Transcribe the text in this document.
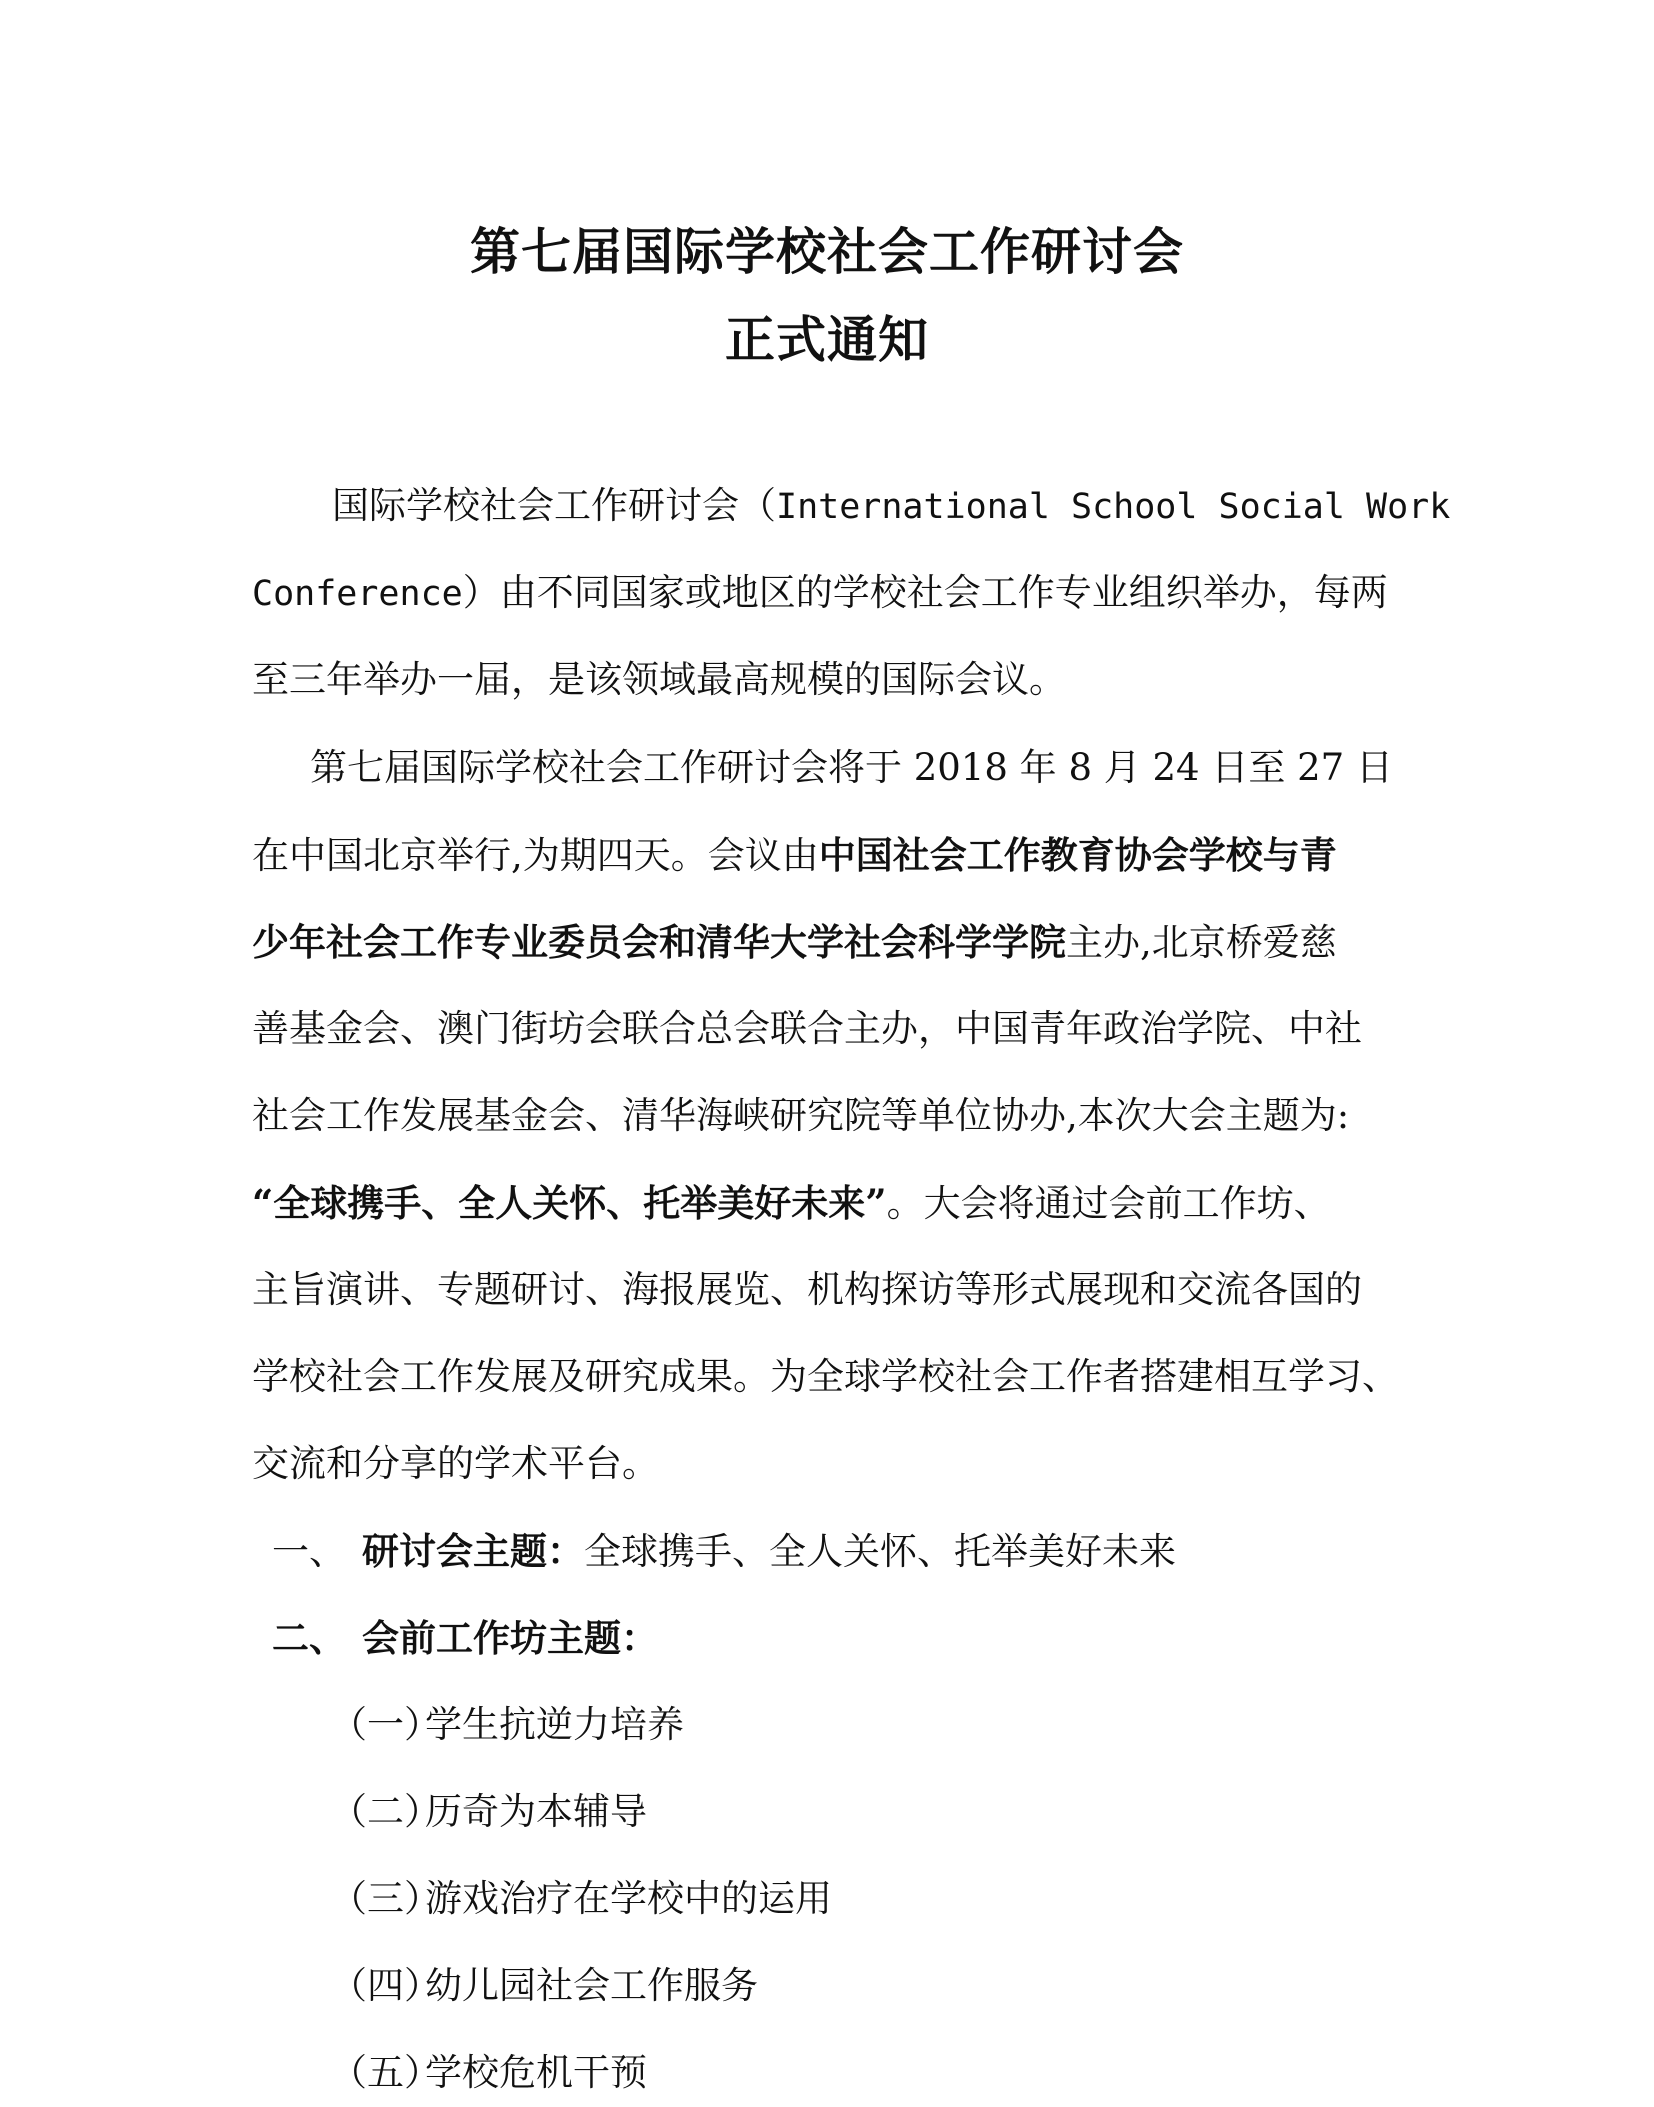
第七届国际学校社会工作研讨会
正式通知
国际学校社会工作研讨会（International School Social Work
Conference）由不同国家或地区的学校社会工作专业组织举办，每两
至三年举办一届，是该领域最高规模的国际会议。
第七届国际学校社会工作研讨会将于 2018 年 8 月 24 日至 27 日
在中国北京举行,为期四天。会议由中国社会工作教育协会学校与青
少年社会工作专业委员会和清华大学社会科学学院主办,北京桥爱慈
善基金会、澳门街坊会联合总会联合主办，中国青年政治学院、中社
社会工作发展基金会、清华海峡研究院等单位协办,本次大会主题为:
“全球携手、全人关怀、托举美好未来”。大会将通过会前工作坊、
主旨演讲、专题研讨、海报展览、机构探访等形式展现和交流各国的
学校社会工作发展及研究成果。为全球学校社会工作者搭建相互学习、
交流和分享的学术平台。
一、 研讨会主题：全球携手、全人关怀、托举美好未来
二、 会前工作坊主题：
（一）学生抗逆力培养
（二）历奇为本辅导
（三）游戏治疗在学校中的运用
（四）幼儿园社会工作服务
（五）学校危机干预
